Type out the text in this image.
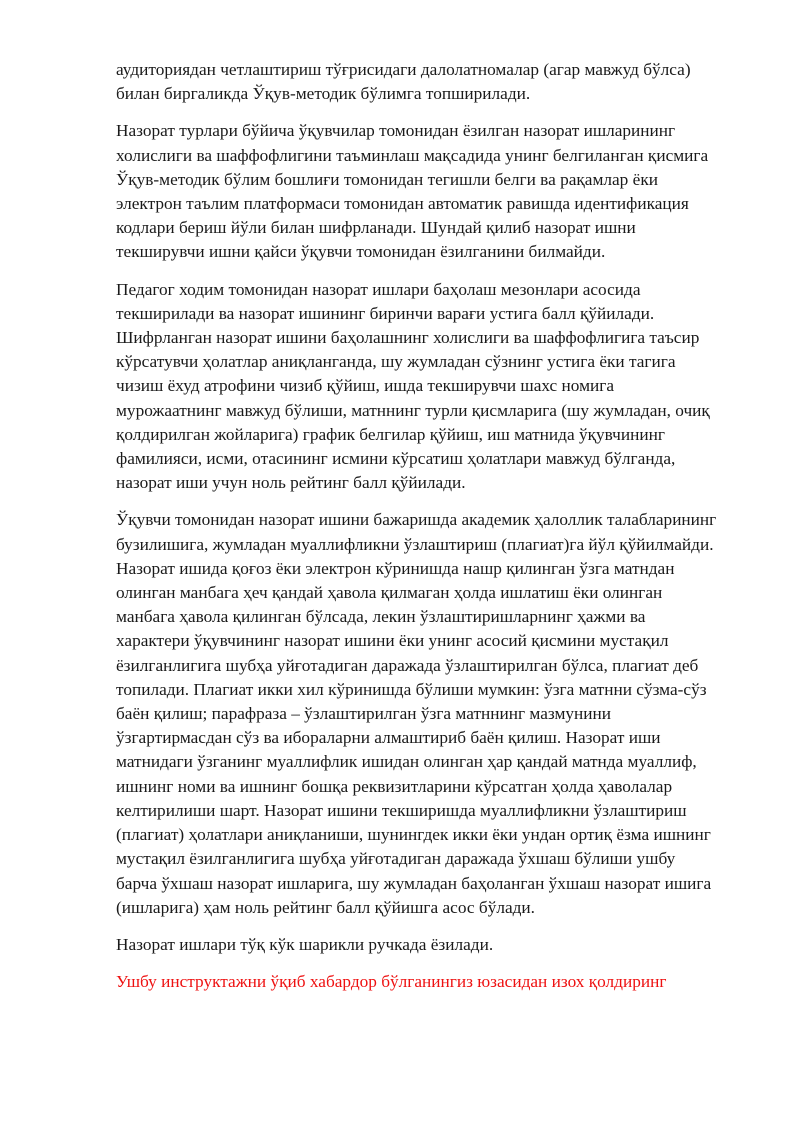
аудиториядан четлаштириш тўғрисидаги далолатномалар (агар мавжуд бўлса)
билан биргаликда Ўқув-методик бўлимга топширилади.

Назорат турлари бўйича ўқувчилар томонидан ёзилган назорат ишларининг
холислиги ва шаффофлигини таъминлаш мақсадида унинг белгиланган қисмига
Ўқув-методик бўлим бошлиғи томонидан тегишли белги ва рақамлар ёки
электрон таълим платформаси томонидан автоматик равишда идентификация
кодлари бериш йўли билан шифрланади. Шундай қилиб назорат ишни
текширувчи ишни қайси ўқувчи томонидан ёзилганини билмайди.

Педагог ходим томонидан назорат ишлари баҳолаш мезонлари асосида
текширилади ва назорат ишининг биринчи варағи устига балл қўйилади.
Шифрланган назорат ишини баҳолашнинг холислиги ва шаффофлигига таъсир
кўрсатувчи ҳолатлар аниқланганда, шу жумладан сўзнинг устига ёки тагига
чизиш ёхуд атрофини чизиб қўйиш, ишда текширувчи шахс номига
мурожаатнинг мавжуд бўлиши, матннинг турли қисмларига (шу жумладан, очиқ
қолдирилган жойларига) график белгилар қўйиш, иш матнида ўқувчининг
фамилияси, исми, отасининг исмини кўрсатиш ҳолатлари мавжуд бўлганда,
назорат иши учун ноль рейтинг балл қўйилади.

Ўқувчи томонидан назорат ишини бажаришда академик ҳалоллик талабларининг
бузилишига, жумладан муаллифликни ўзлаштириш (плагиат)га йўл қўйилмайди.
Назорат ишида қоғоз ёки электрон кўринишда нашр қилинган ўзга матндан
олинган манбага ҳеч қандай ҳавола қилмаган ҳолда ишлатиш ёки олинган
манбага ҳавола қилинган бўлсада, лекин ўзлаштиришларнинг ҳажми ва
характери ўқувчининг назорат ишини ёки унинг асосий қисмини мустақил
ёзилганлигига шубҳа уйғотадиган даражада ўзлаштирилган бўлса, плагиат деб
топилади. Плагиат икки хил кўринишда бўлиши мумкин: ўзга матнни сўзма-сўз
баён қилиш; парафраза – ўзлаштирилган ўзга матннинг мазмунини
ўзгартирмасдан сўз ва ибораларни алмаштириб баён қилиш. Назорат иши
матнидаги ўзганинг муаллифлик ишидан олинган ҳар қандай матнда муаллиф,
ишнинг номи ва ишнинг бошқа реквизитларини кўрсатган ҳолда ҳаволалар
келтирилиши шарт. Назорат ишини текширишда муаллифликни ўзлаштириш
(плагиат) ҳолатлари аниқланиши, шунингдек икки ёки ундан ортиқ ёзма ишнинг
мустақил ёзилганлигига шубҳа уйғотадиган даражада ўхшаш бўлиши ушбу
барча ўхшаш назорат ишларига, шу жумладан баҳоланган ўхшаш назорат ишига
(ишларига) ҳам ноль рейтинг балл қўйишга асос бўлади.

Назорат ишлари тўқ кўк шарикли ручкада ёзилади.

Ушбу инструктажни ўқиб хабардор бўлганингиз юзасидан изох қолдиринг
